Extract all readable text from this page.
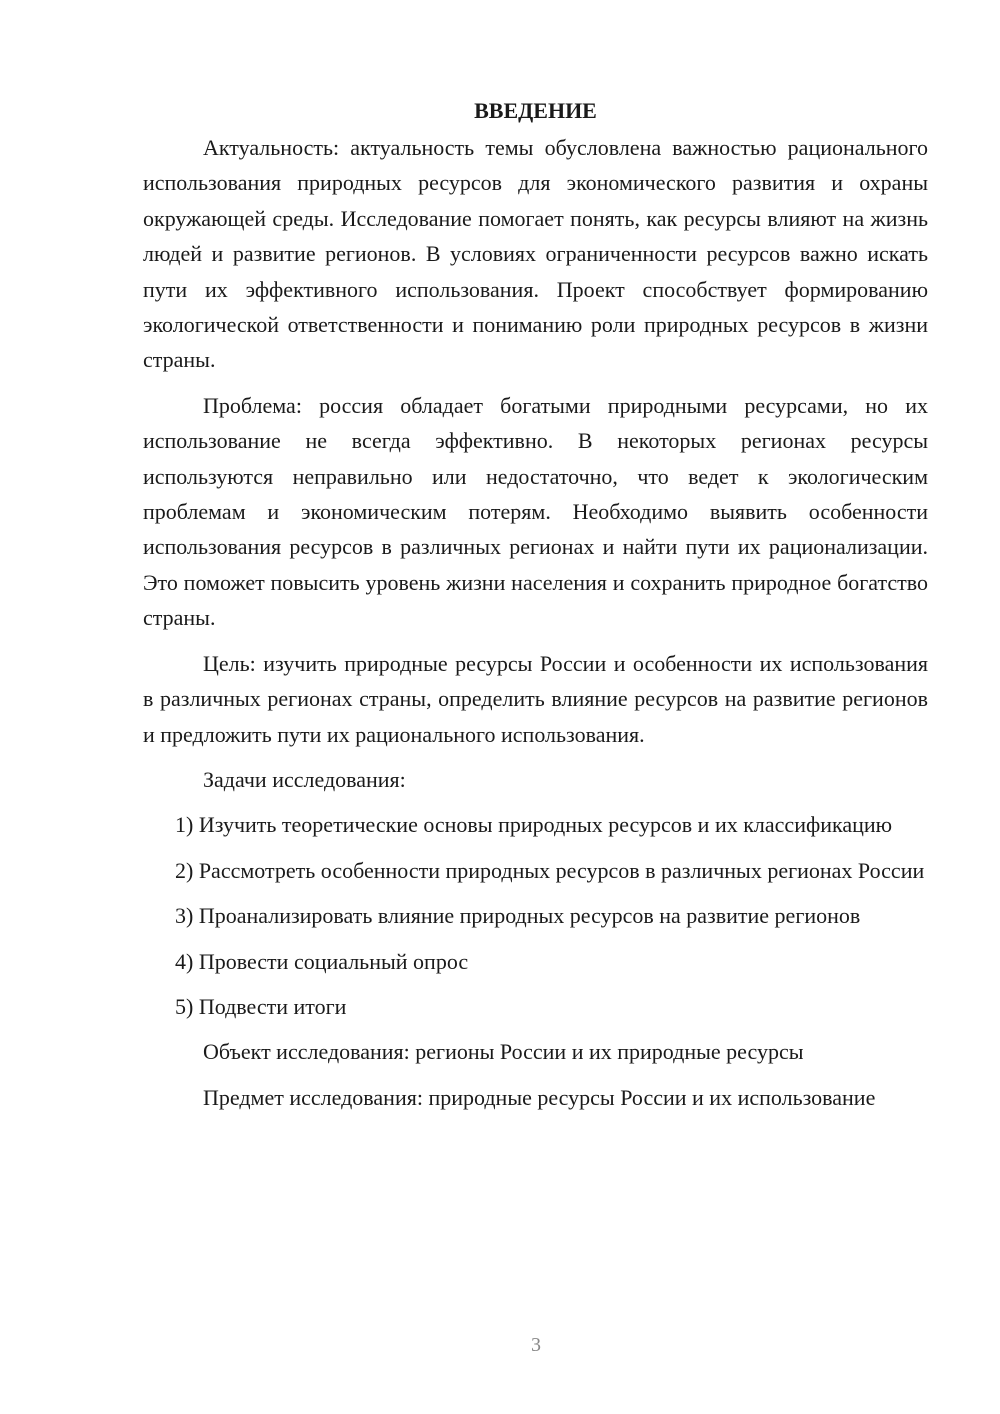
ВВЕДЕНИЕ

Актуальность: актуальность темы обусловлена важностью рационального использования природных ресурсов для экономического развития и охраны окружающей среды. Исследование помогает понять, как ресурсы влияют на жизнь людей и развитие регионов. В условиях ограниченности ресурсов важно искать пути их эффективного использования. Проект способствует формированию экологической ответственности и пониманию роли природных ресурсов в жизни страны.

Проблема: россия обладает богатыми природными ресурсами, но их использование не всегда эффективно. В некоторых регионах ресурсы используются неправильно или недостаточно, что ведет к экологическим проблемам и экономическим потерям. Необходимо выявить особенности использования ресурсов в различных регионах и найти пути их рационализации. Это поможет повысить уровень жизни населения и сохранить природное богатство страны.

Цель: изучить природные ресурсы России и особенности их использования в различных регионах страны, определить влияние ресурсов на развитие регионов и предложить пути их рационального использования.

Задачи исследования:

1) Изучить теоретические основы природных ресурсов и их классификацию

2) Рассмотреть особенности природных ресурсов в различных регионах России

3) Проанализировать влияние природных ресурсов на развитие регионов

4) Провести социальный опрос

5) Подвести итоги

Объект исследования: регионы России и их природные ресурсы

Предмет исследования: природные ресурсы России и их использование

3
